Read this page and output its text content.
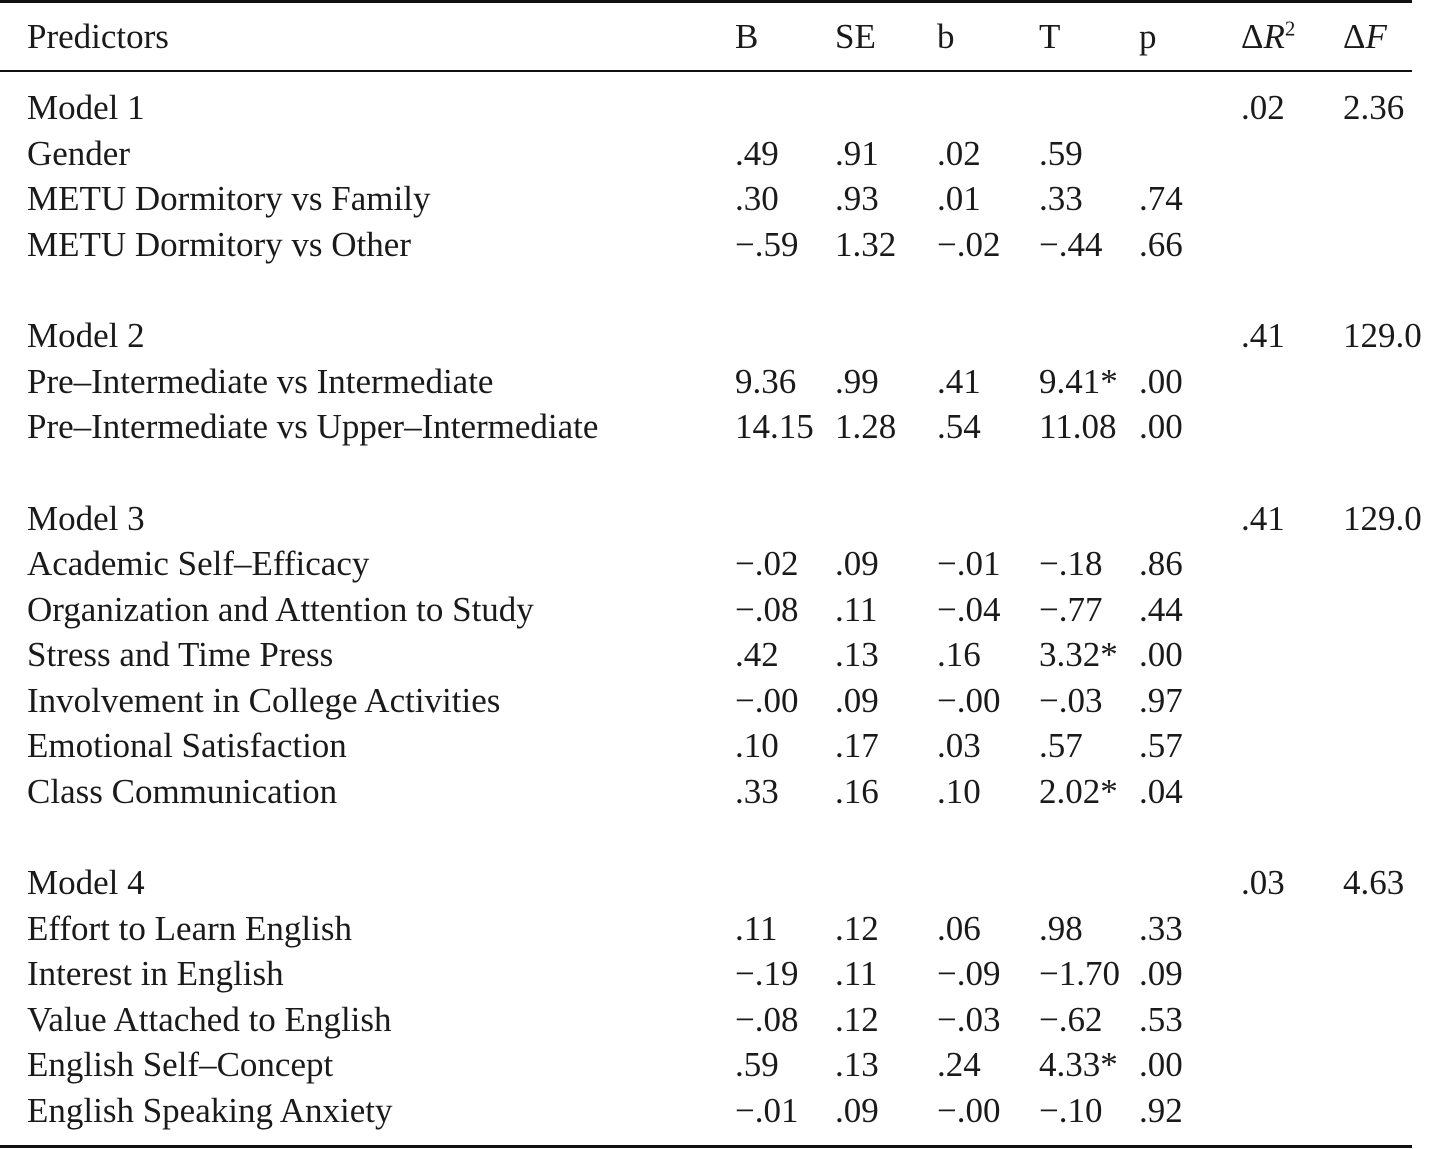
Predictors	B	SE	b	T	p	$\Delta R^2$	ΔF

Model 1						.02	2.36
Gender	.49	.91	.02	.59			
METU Dormitory vs Family	.30	.93	.01	.33	.74		
METU Dormitory vs Other	−.59	1.32	−.02	−.44	.66		

Model 2						.41	129.0
Pre–Intermediate vs Intermediate	9.36	.99	.41	9.41*	.00		
Pre–Intermediate vs Upper–Intermediate	14.15	1.28	.54	11.08	.00		

Model 3						.41	129.0
Academic Self–Efficacy	−.02	.09	−.01	−.18	.86		
Organization and Attention to Study	−.08	.11	−.04	−.77	.44		
Stress and Time Press	.42	.13	.16	3.32*	.00		
Involvement in College Activities	−.00	.09	−.00	−.03	.97		
Emotional Satisfaction	.10	.17	.03	.57	.57		
Class Communication	.33	.16	.10	2.02*	.04		

Model 4						.03	4.63
Effort to Learn English	.11	.12	.06	.98	.33		
Interest in English	−.19	.11	−.09	−1.70	.09		
Value Attached to English	−.08	.12	−.03	−.62	.53		
English Self–Concept	.59	.13	.24	4.33*	.00		
English Speaking Anxiety	−.01	.09	−.00	−.10	.92		
